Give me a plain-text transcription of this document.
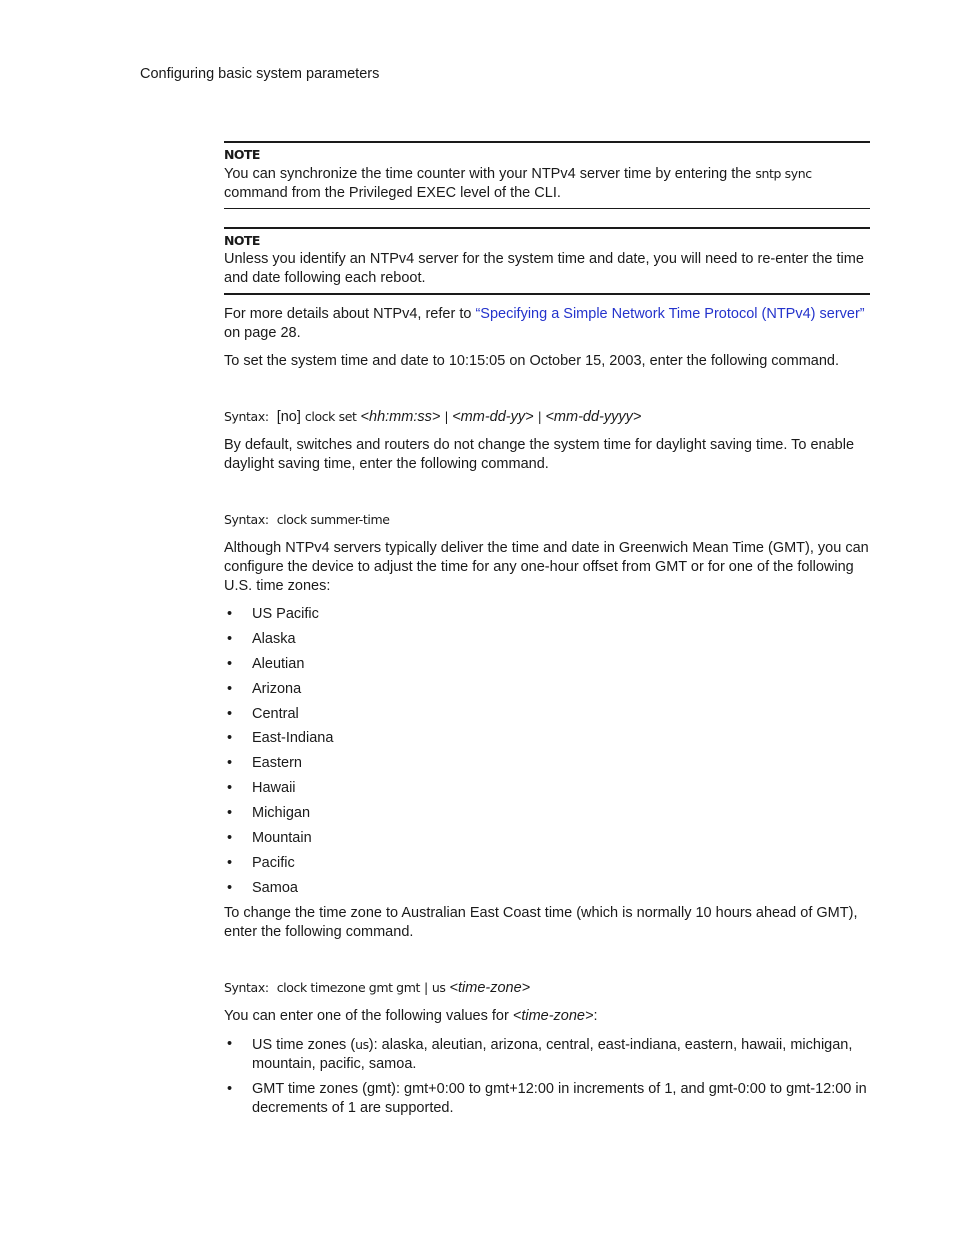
Configuring basic system parameters
NOTE

You can synchronize the time counter with your NTPv4 server time by entering the sntp sync command from the Privileged EXEC level of the CLI.

NOTE

Unless you identify an NTPv4 server for the system time and date, you will need to re-enter the time and date following each reboot.

For more details about NTPv4, refer to “Specifying a Simple Network Time Protocol (NTPv4) server” on page 28.

To set the system time and date to 10:15:05 on October 15, 2003, enter the following command.

Syntax: [no] clock set <hh:mm:ss> | <mm-dd-yy> | <mm-dd-yyyy>

By default, switches and routers do not change the system time for daylight saving time. To enable daylight saving time, enter the following command.

Syntax: clock summer-time

Although NTPv4 servers typically deliver the time and date in Greenwich Mean Time (GMT), you can configure the device to adjust the time for any one-hour offset from GMT or for one of the following U.S. time zones:

• US Pacific
• Alaska
• Aleutian
• Arizona
• Central
• East-Indiana
• Eastern
• Hawaii
• Michigan
• Mountain
• Pacific
• Samoa

To change the time zone to Australian East Coast time (which is normally 10 hours ahead of GMT), enter the following command.

Syntax: clock timezone gmt gmt | us <time-zone>

You can enter one of the following values for <time-zone>:

• US time zones (us): alaska, aleutian, arizona, central, east-indiana, eastern, hawaii, michigan, mountain, pacific, samoa.
• GMT time zones (gmt): gmt+0:00 to gmt+12:00 in increments of 1, and gmt-0:00 to gmt-12:00 in decrements of 1 are supported.
